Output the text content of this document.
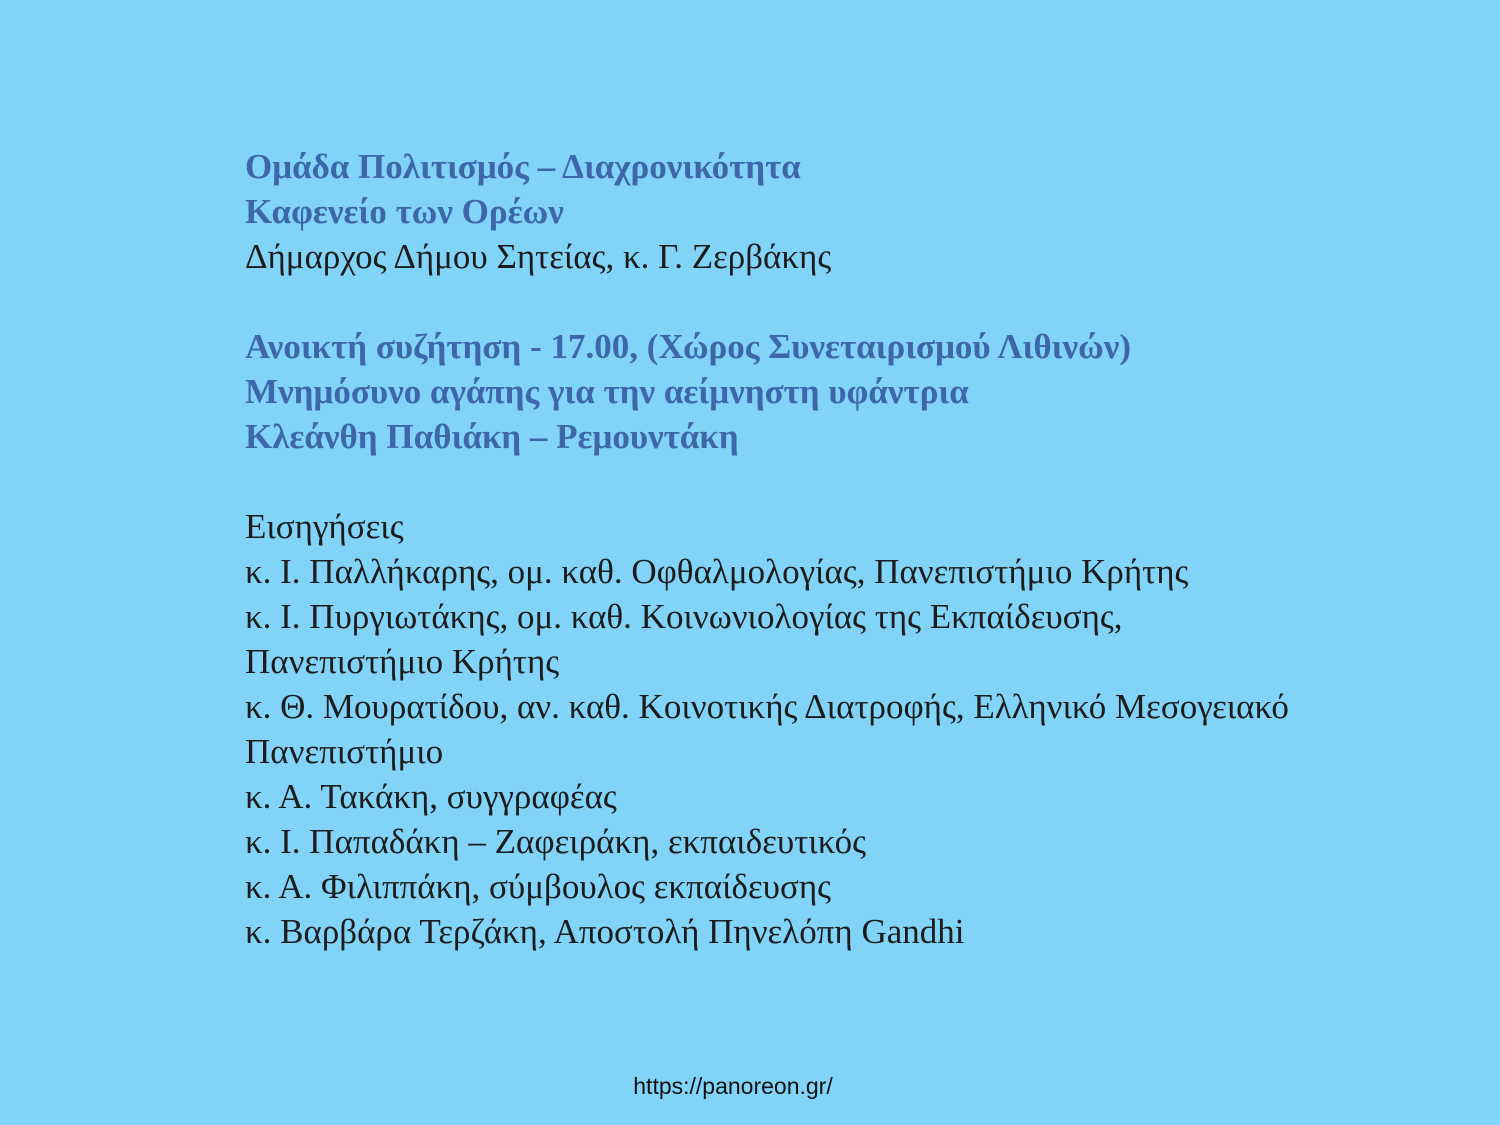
Ομάδα Πολιτισμός – Διαχρονικότητα
Καφενείο των Ορέων
Δήμαρχος Δήμου Σητείας, κ. Γ. Ζερβάκης
Ανοικτή συζήτηση - 17.00, (Χώρος Συνεταιρισμού Λιθινών)
Μνημόσυνο αγάπης για την αείμνηστη υφάντρια
Κλεάνθη Παθιάκη – Ρεμουντάκη
Εισηγήσεις
κ. Ι. Παλλήκαρης, ομ. καθ. Οφθαλμολογίας, Πανεπιστήμιο Κρήτης
κ. Ι. Πυργιωτάκης, ομ. καθ. Κοινωνιολογίας της Εκπαίδευσης,
Πανεπιστήμιο Κρήτης
κ. Θ. Μουρατίδου, αν. καθ. Κοινοτικής Διατροφής, Ελληνικό Μεσογειακό
Πανεπιστήμιο
κ. Α. Τακάκη, συγγραφέας
κ. Ι. Παπαδάκη – Ζαφειράκη, εκπαιδευτικός
κ. Α. Φιλιππάκη, σύμβουλος εκπαίδευσης
κ. Βαρβάρα Τερζάκη, Αποστολή Πηνελόπη Gandhi
https://panoreon.gr/
